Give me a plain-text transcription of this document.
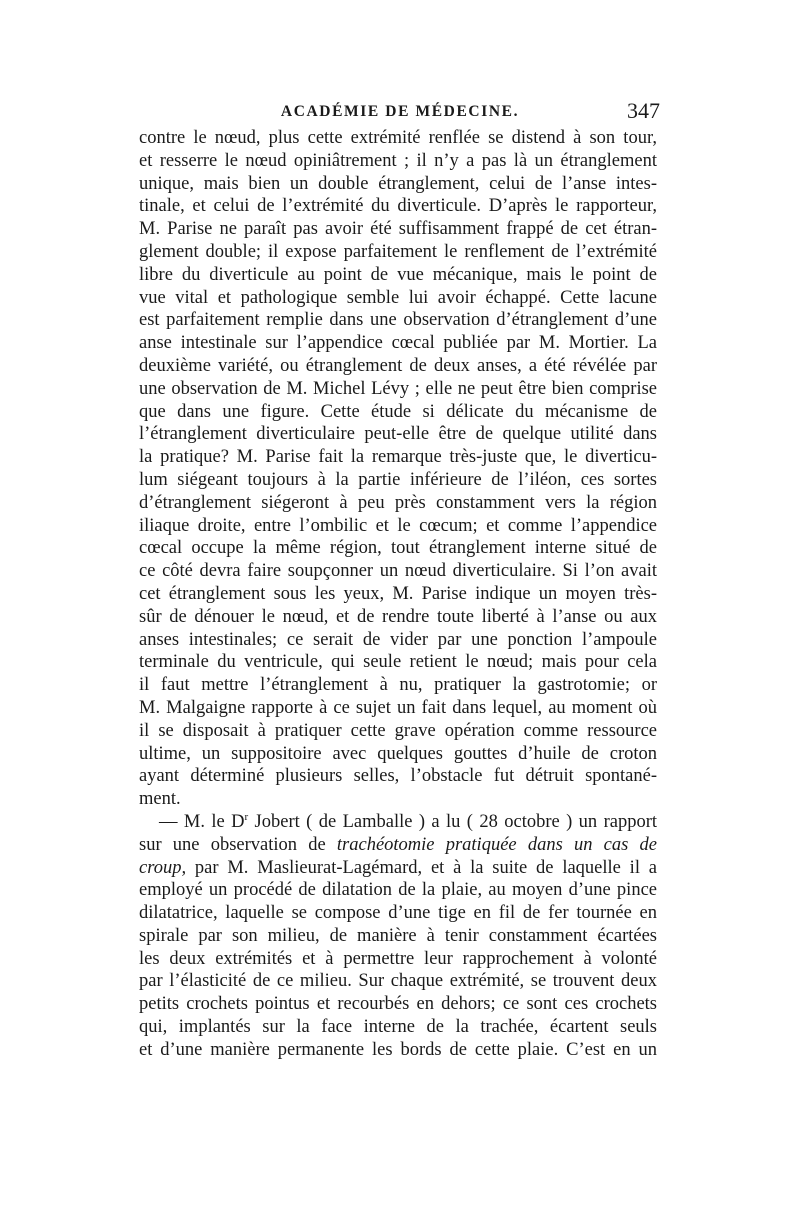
ACADÉMIE DE MÉDECINE.	347
contre le nœud, plus cette extrémité renflée se distend à son tour,
et resserre le nœud opiniâtrement ; il n’y a pas là un étranglement
unique, mais bien un double étranglement, celui de l’anse intes-
tinale, et celui de l’extrémité du diverticule. D’après le rapporteur,
M. Parise ne paraît pas avoir été suffisamment frappé de cet étran-
glement double; il expose parfaitement le renflement de l’extrémité
libre du diverticule au point de vue mécanique, mais le point de
vue vital et pathologique semble lui avoir échappé. Cette lacune
est parfaitement remplie dans une observation d’étranglement d’une
anse intestinale sur l’appendice cœcal publiée par M. Mortier. La
deuxième variété, ou étranglement de deux anses, a été révélée par
une observation de M. Michel Lévy ; elle ne peut être bien comprise
que dans une figure. Cette étude si délicate du mécanisme de
l’étranglement diverticulaire peut-elle être de quelque utilité dans
la pratique? M. Parise fait la remarque très-juste que, le diverticu-
lum siégeant toujours à la partie inférieure de l’iléon, ces sortes
d’étranglement siégeront à peu près constamment vers la région
iliaque droite, entre l’ombilic et le cœcum; et comme l’appendice
cœcal occupe la même région, tout étranglement interne situé de
ce côté devra faire soupçonner un nœud diverticulaire. Si l’on avait
cet étranglement sous les yeux, M. Parise indique un moyen très-
sûr de dénouer le nœud, et de rendre toute liberté à l’anse ou aux
anses intestinales; ce serait de vider par une ponction l’ampoule
terminale du ventricule, qui seule retient le nœud; mais pour cela
il faut mettre l’étranglement à nu, pratiquer la gastrotomie; or
M. Malgaigne rapporte à ce sujet un fait dans lequel, au moment où
il se disposait à pratiquer cette grave opération comme ressource
ultime, un suppositoire avec quelques gouttes d’huile de croton
ayant déterminé plusieurs selles, l’obstacle fut détruit spontané-
ment.
— M. le $D^r$ Jobert ( de Lamballe ) a lu ( 28 octobre ) un rapport
sur une observation de trachéotomie pratiquée dans un cas de
croup, par M. Maslieurat-Lagémard, et à la suite de laquelle il a
employé un procédé de dilatation de la plaie, au moyen d’une pince
dilatatrice, laquelle se compose d’une tige en fil de fer tournée en
spirale par son milieu, de manière à tenir constamment écartées
les deux extrémités et à permettre leur rapprochement à volonté
par l’élasticité de ce milieu. Sur chaque extrémité, se trouvent deux
petits crochets pointus et recourbés en dehors; ce sont ces crochets
qui, implantés sur la face interne de la trachée, écartent seuls
et d’une manière permanente les bords de cette plaie. C’est en un
